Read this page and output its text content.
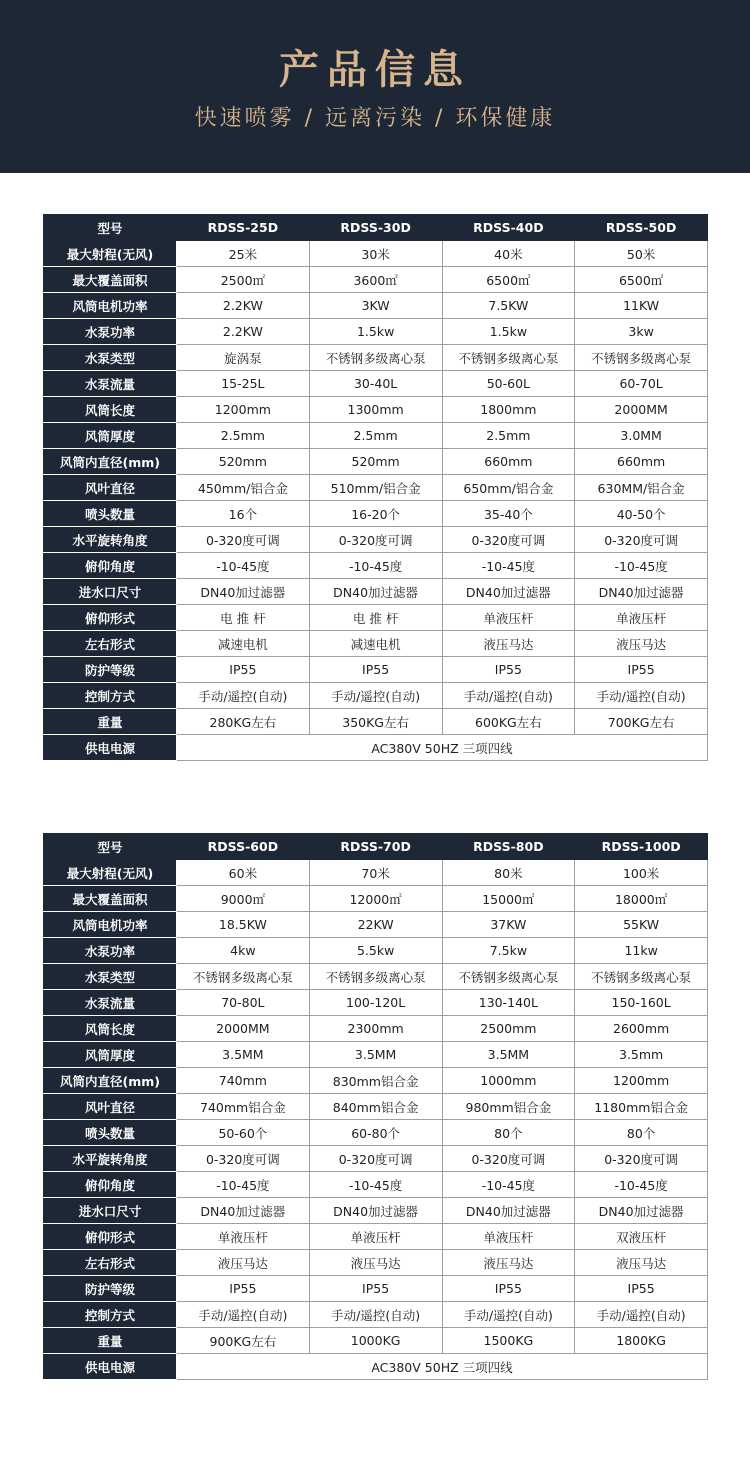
产品信息
快速喷雾 / 远离污染 / 环保健康
型号	RDSS-25D	RDSS-30D	RDSS-40D	RDSS-50D
最大射程(无风)	25米	30米	40米	50米
最大覆盖面积	2500㎡	3600㎡	6500㎡	6500㎡
风筒电机功率	2.2KW	3KW	7.5KW	11KW
水泵功率	2.2KW	1.5kw	1.5kw	3kw
水泵类型	旋涡泵	不锈钢多级离心泵	不锈钢多级离心泵	不锈钢多级离心泵
水泵流量	15-25L	30-40L	50-60L	60-70L
风筒长度	1200mm	1300mm	1800mm	2000MM
风筒厚度	2.5mm	2.5mm	2.5mm	3.0MM
风筒内直径(mm)	520mm	520mm	660mm	660mm
风叶直径	450mm/铝合金	510mm/铝合金	650mm/铝合金	630MM/铝合金
喷头数量	16个	16-20个	35-40个	40-50个
水平旋转角度	0-320度可调	0-320度可调	0-320度可调	0-320度可调
俯仰角度	-10-45度	-10-45度	-10-45度	-10-45度
进水口尺寸	DN40加过滤器	DN40加过滤器	DN40加过滤器	DN40加过滤器
俯仰形式	电 推 杆	电 推 杆	单液压杆	单液压杆
左右形式	减速电机	减速电机	液压马达	液压马达
防护等级	IP55	IP55	IP55	IP55
控制方式	手动/遥控(自动)	手动/遥控(自动)	手动/遥控(自动)	手动/遥控(自动)
重量	280KG左右	350KG左右	600KG左右	700KG左右
供电电源	AC380V 50HZ 三项四线			
型号	RDSS-60D	RDSS-70D	RDSS-80D	RDSS-100D
最大射程(无风)	60米	70米	80米	100米
最大覆盖面积	9000㎡	12000㎡	15000㎡	18000㎡
风筒电机功率	18.5KW	22KW	37KW	55KW
水泵功率	4kw	5.5kw	7.5kw	11kw
水泵类型	不锈钢多级离心泵	不锈钢多级离心泵	不锈钢多级离心泵	不锈钢多级离心泵
水泵流量	70-80L	100-120L	130-140L	150-160L
风筒长度	2000MM	2300mm	2500mm	2600mm
风筒厚度	3.5MM	3.5MM	3.5MM	3.5mm
风筒内直径(mm)	740mm	830mm铝合金	1000mm	1200mm
风叶直径	740mm铝合金	840mm铝合金	980mm铝合金	1180mm铝合金
喷头数量	50-60个	60-80个	80个	80个
水平旋转角度	0-320度可调	0-320度可调	0-320度可调	0-320度可调
俯仰角度	-10-45度	-10-45度	-10-45度	-10-45度
进水口尺寸	DN40加过滤器	DN40加过滤器	DN40加过滤器	DN40加过滤器
俯仰形式	单液压杆	单液压杆	单液压杆	双液压杆
左右形式	液压马达	液压马达	液压马达	液压马达
防护等级	IP55	IP55	IP55	IP55
控制方式	手动/遥控(自动)	手动/遥控(自动)	手动/遥控(自动)	手动/遥控(自动)
重量	900KG左右	1000KG	1500KG	1800KG
供电电源	AC380V 50HZ 三项四线			
